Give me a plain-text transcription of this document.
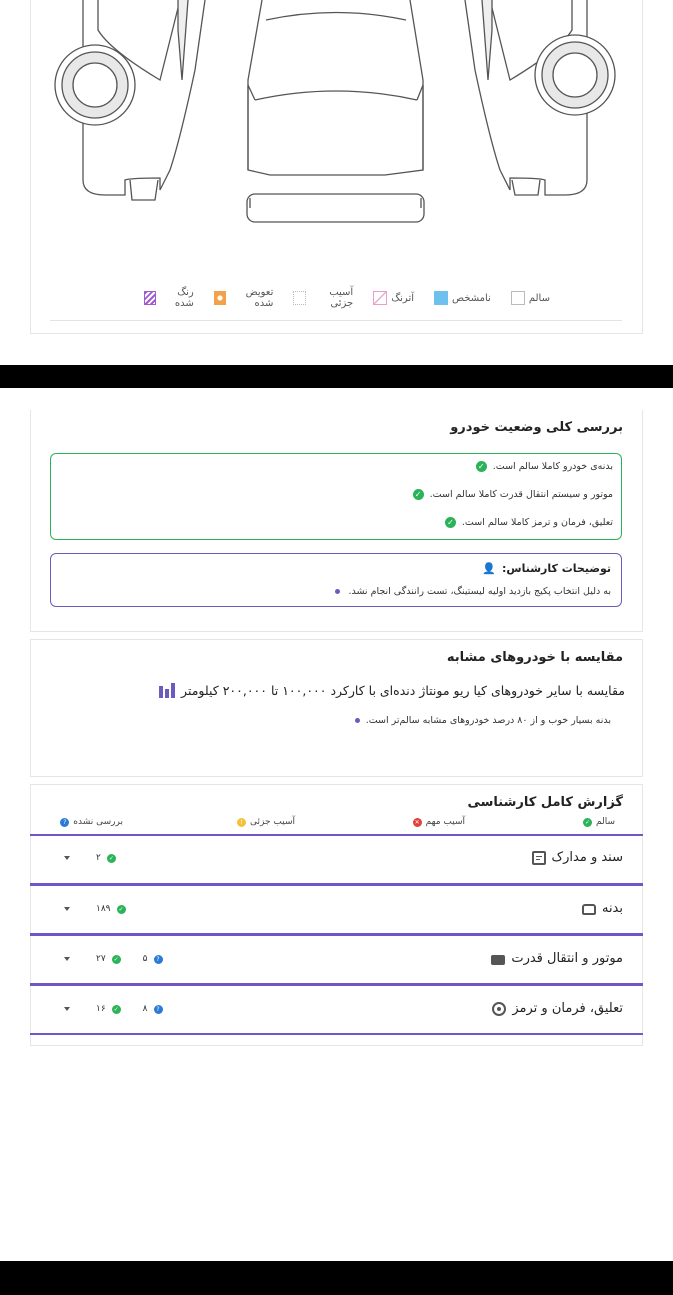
رنگ شده
تعویض شده
آسیب جزئی	آترنگ	نامشخص	سالم
بررسی کلی وضعیت خودرو
✓ بدنه‌ی خودرو کاملا سالم است.
✓ موتور و سیستم انتقال قدرت کاملا سالم است.
✓ تعلیق، فرمان و ترمز کاملا سالم است.
👤 توضیحات کارشناس:
به دلیل انتخاب پکیج بازدید اولیه لیستینگ، تست رانندگی انجام نشد.
مقایسه با خودروهای مشابه
مقایسه با سایر خودروهای کیا ریو مونتاژ دنده‌ای با کارکرد ۱۰۰,۰۰۰ تا ۲۰۰,۰۰۰ کیلومتر
بدنه بسیار خوب و از ۸۰ درصد خودروهای مشابه سالم‌تر است.
گزارش کامل کارشناسی
✓ سالم
✕ آسیب مهم
! آسیب جزئی
? بررسی نشده
سند و مدارک
۲	✓
بدنه
۱۸۹	✓
موتور و انتقال قدرت
۲۷	✓	۵	?
تعلیق، فرمان و ترمز
۱۶	✓	۸	?
